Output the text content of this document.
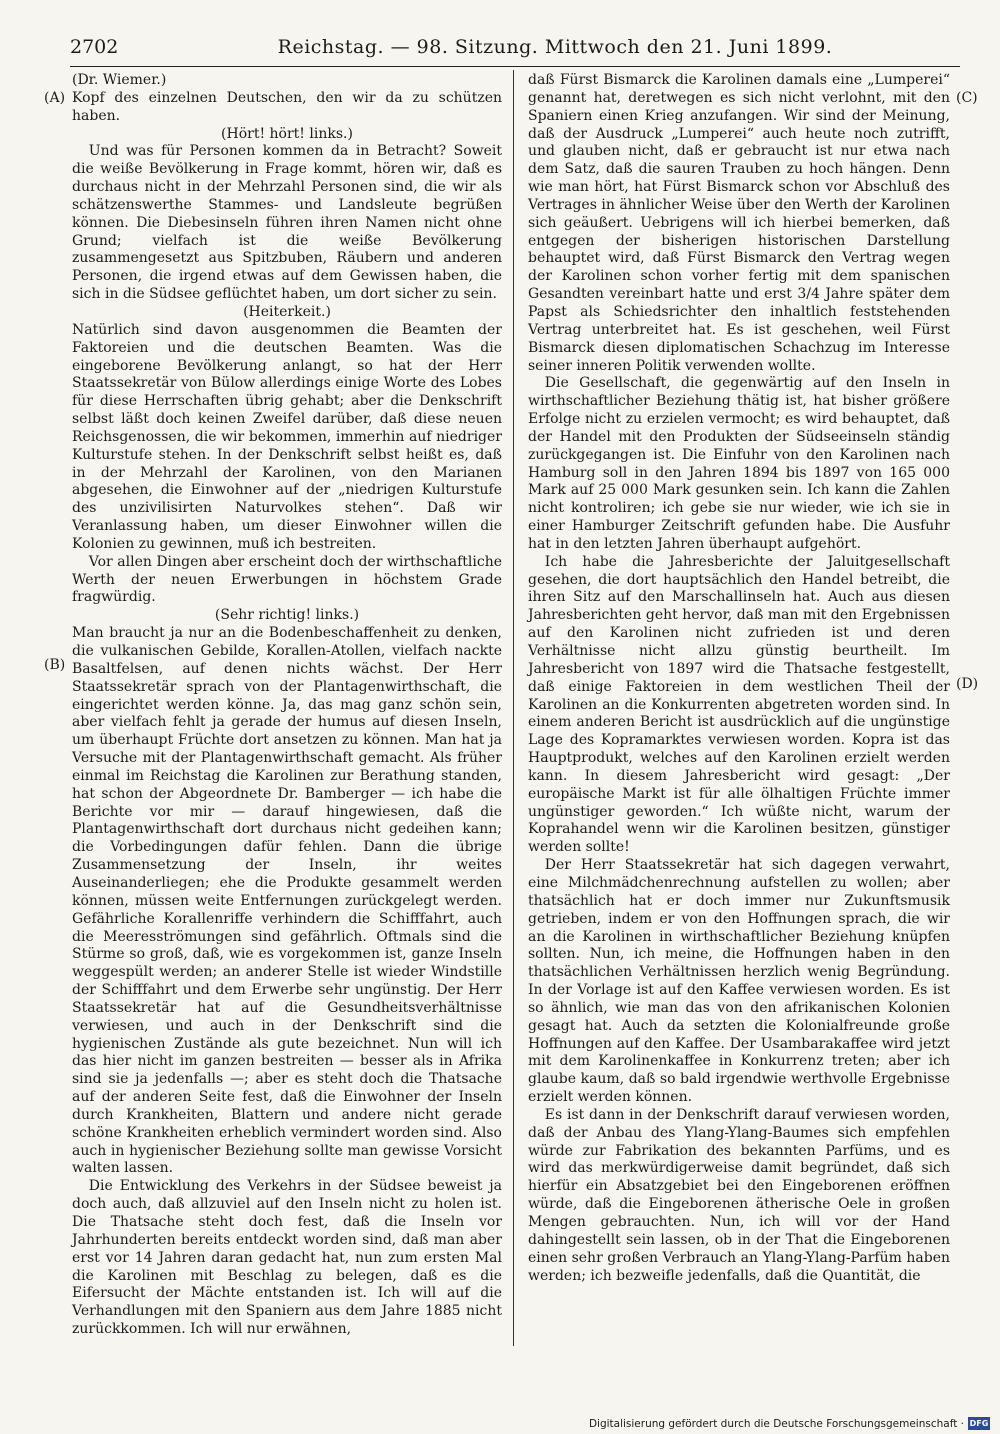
2702	Reichstag. — 98. Sitzung. Mittwoch den 21. Juni 1899.
(A)
(B)
(C)
(D)

(Dr. Wiemer.)

Kopf des einzelnen Deutschen, den wir da zu schützen haben.

(Hört! hört! links.)

Und was für Personen kommen da in Betracht? Soweit die weiße Bevölkerung in Frage kommt, hören wir, daß es durchaus nicht in der Mehrzahl Personen sind, die wir als schätzenswerthe Stammes- und Landsleute begrüßen können. Die Diebesinseln führen ihren Namen nicht ohne Grund; vielfach ist die weiße Bevölkerung zusammengesetzt aus Spitzbuben, Räubern und anderen Personen, die irgend etwas auf dem Gewissen haben, die sich in die Südsee geflüchtet haben, um dort sicher zu sein.

(Heiterkeit.)

Natürlich sind davon ausgenommen die Beamten der Faktoreien und die deutschen Beamten. Was die eingeborene Bevölkerung anlangt, so hat der Herr Staatssekretär von Bülow allerdings einige Worte des Lobes für diese Herrschaften übrig gehabt; aber die Denkschrift selbst läßt doch keinen Zweifel darüber, daß diese neuen Reichsgenossen, die wir bekommen, immerhin auf niedriger Kulturstufe stehen. In der Denkschrift selbst heißt es, daß in der Mehrzahl der Karolinen, von den Marianen abgesehen, die Einwohner auf der „niedrigen Kulturstufe des unzivilisirten Naturvolkes stehen“. Daß wir Veranlassung haben, um dieser Einwohner willen die Kolonien zu gewinnen, muß ich bestreiten.

Vor allen Dingen aber erscheint doch der wirthschaftliche Werth der neuen Erwerbungen in höchstem Grade fragwürdig.

(Sehr richtig! links.)

Man braucht ja nur an die Bodenbeschaffenheit zu denken, die vulkanischen Gebilde, Korallen-Atollen, vielfach nackte Basaltfelsen, auf denen nichts wächst. Der Herr Staatssekretär sprach von der Plantagenwirthschaft, die eingerichtet werden könne. Ja, das mag ganz schön sein, aber vielfach fehlt ja gerade der humus auf diesen Inseln, um überhaupt Früchte dort ansetzen zu können. Man hat ja Versuche mit der Plantagenwirthschaft gemacht. Als früher einmal im Reichstag die Karolinen zur Berathung standen, hat schon der Abgeordnete Dr. Bamberger — ich habe die Berichte vor mir — darauf hingewiesen, daß die Plantagenwirthschaft dort durchaus nicht gedeihen kann; die Vorbedingungen dafür fehlen. Dann die übrige Zusammensetzung der Inseln, ihr weites Auseinanderliegen; ehe die Produkte gesammelt werden können, müssen weite Entfernungen zurückgelegt werden. Gefährliche Korallenriffe verhindern die Schifffahrt, auch die Meeresströmungen sind gefährlich. Oftmals sind die Stürme so groß, daß, wie es vorgekommen ist, ganze Inseln weggespült werden; an anderer Stelle ist wieder Windstille der Schifffahrt und dem Erwerbe sehr ungünstig. Der Herr Staatssekretär hat auf die Gesundheitsverhältnisse verwiesen, und auch in der Denkschrift sind die hygienischen Zustände als gute bezeichnet. Nun will ich das hier nicht im ganzen bestreiten — besser als in Afrika sind sie ja jedenfalls —; aber es steht doch die Thatsache auf der anderen Seite fest, daß die Einwohner der Inseln durch Krankheiten, Blattern und andere nicht gerade schöne Krankheiten erheblich vermindert worden sind. Also auch in hygienischer Beziehung sollte man gewisse Vorsicht walten lassen.

Die Entwicklung des Verkehrs in der Südsee beweist ja doch auch, daß allzuviel auf den Inseln nicht zu holen ist. Die Thatsache steht doch fest, daß die Inseln vor Jahrhunderten bereits entdeckt worden sind, daß man aber erst vor 14 Jahren daran gedacht hat, nun zum ersten Mal die Karolinen mit Beschlag zu belegen, daß es die Eifersucht der Mächte entstanden ist. Ich will auf die Verhandlungen mit den Spaniern aus dem Jahre 1885 nicht zurückkommen. Ich will nur erwähnen,

daß Fürst Bismarck die Karolinen damals eine „Lumperei“ genannt hat, deretwegen es sich nicht verlohnt, mit den Spaniern einen Krieg anzufangen. Wir sind der Meinung, daß der Ausdruck „Lumperei“ auch heute noch zutrifft, und glauben nicht, daß er gebraucht ist nur etwa nach dem Satz, daß die sauren Trauben zu hoch hängen. Denn wie man hört, hat Fürst Bismarck schon vor Abschluß des Vertrages in ähnlicher Weise über den Werth der Karolinen sich geäußert. Uebrigens will ich hierbei bemerken, daß entgegen der bisherigen historischen Darstellung behauptet wird, daß Fürst Bismarck den Vertrag wegen der Karolinen schon vorher fertig mit dem spanischen Gesandten vereinbart hatte und erst 3/4 Jahre später dem Papst als Schiedsrichter den inhaltlich feststehenden Vertrag unterbreitet hat. Es ist geschehen, weil Fürst Bismarck diesen diplomatischen Schachzug im Interesse seiner inneren Politik verwenden wollte.

Die Gesellschaft, die gegenwärtig auf den Inseln in wirthschaftlicher Beziehung thätig ist, hat bisher größere Erfolge nicht zu erzielen vermocht; es wird behauptet, daß der Handel mit den Produkten der Südseeinseln ständig zurückgegangen ist. Die Einfuhr von den Karolinen nach Hamburg soll in den Jahren 1894 bis 1897 von 165 000 Mark auf 25 000 Mark gesunken sein. Ich kann die Zahlen nicht kontroliren; ich gebe sie nur wieder, wie ich sie in einer Hamburger Zeitschrift gefunden habe. Die Ausfuhr hat in den letzten Jahren überhaupt aufgehört.

Ich habe die Jahresberichte der Jaluitgesellschaft gesehen, die dort hauptsächlich den Handel betreibt, die ihren Sitz auf den Marschallinseln hat. Auch aus diesen Jahresberichten geht hervor, daß man mit den Ergebnissen auf den Karolinen nicht zufrieden ist und deren Verhältnisse nicht allzu günstig beurtheilt. Im Jahresbericht von 1897 wird die Thatsache festgestellt, daß einige Faktoreien in dem westlichen Theil der Karolinen an die Konkurrenten abgetreten worden sind. In einem anderen Bericht ist ausdrücklich auf die ungünstige Lage des Kopramarktes verwiesen worden. Kopra ist das Hauptprodukt, welches auf den Karolinen erzielt werden kann. In diesem Jahresbericht wird gesagt: „Der europäische Markt ist für alle ölhaltigen Früchte immer ungünstiger geworden.“ Ich wüßte nicht, warum der Koprahandel wenn wir die Karolinen besitzen, günstiger werden sollte!

Der Herr Staatssekretär hat sich dagegen verwahrt, eine Milchmädchenrechnung aufstellen zu wollen; aber thatsächlich hat er doch immer nur Zukunftsmusik getrieben, indem er von den Hoffnungen sprach, die wir an die Karolinen in wirthschaftlicher Beziehung knüpfen sollten. Nun, ich meine, die Hoffnungen haben in den thatsächlichen Verhältnissen herzlich wenig Begründung. In der Vorlage ist auf den Kaffee verwiesen worden. Es ist so ähnlich, wie man das von den afrikanischen Kolonien gesagt hat. Auch da setzten die Kolonialfreunde große Hoffnungen auf den Kaffee. Der Usambarakaffee wird jetzt mit dem Karolinenkaffee in Konkurrenz treten; aber ich glaube kaum, daß so bald irgendwie werthvolle Ergebnisse erzielt werden können.

Es ist dann in der Denkschrift darauf verwiesen worden, daß der Anbau des Ylang-Ylang-Baumes sich empfehlen würde zur Fabrikation des bekannten Parfüms, und es wird das merkwürdigerweise damit begründet, daß sich hierfür ein Absatzgebiet bei den Eingeborenen eröffnen würde, daß die Eingeborenen ätherische Oele in großen Mengen gebrauchten. Nun, ich will vor der Hand dahingestellt sein lassen, ob in der That die Eingeborenen einen sehr großen Verbrauch an Ylang-Ylang-Parfüm haben werden; ich bezweifle jedenfalls, daß die Quantität, die

Digitalisierung gefördert durch die Deutsche Forschungsgemeinschaft · DFG
